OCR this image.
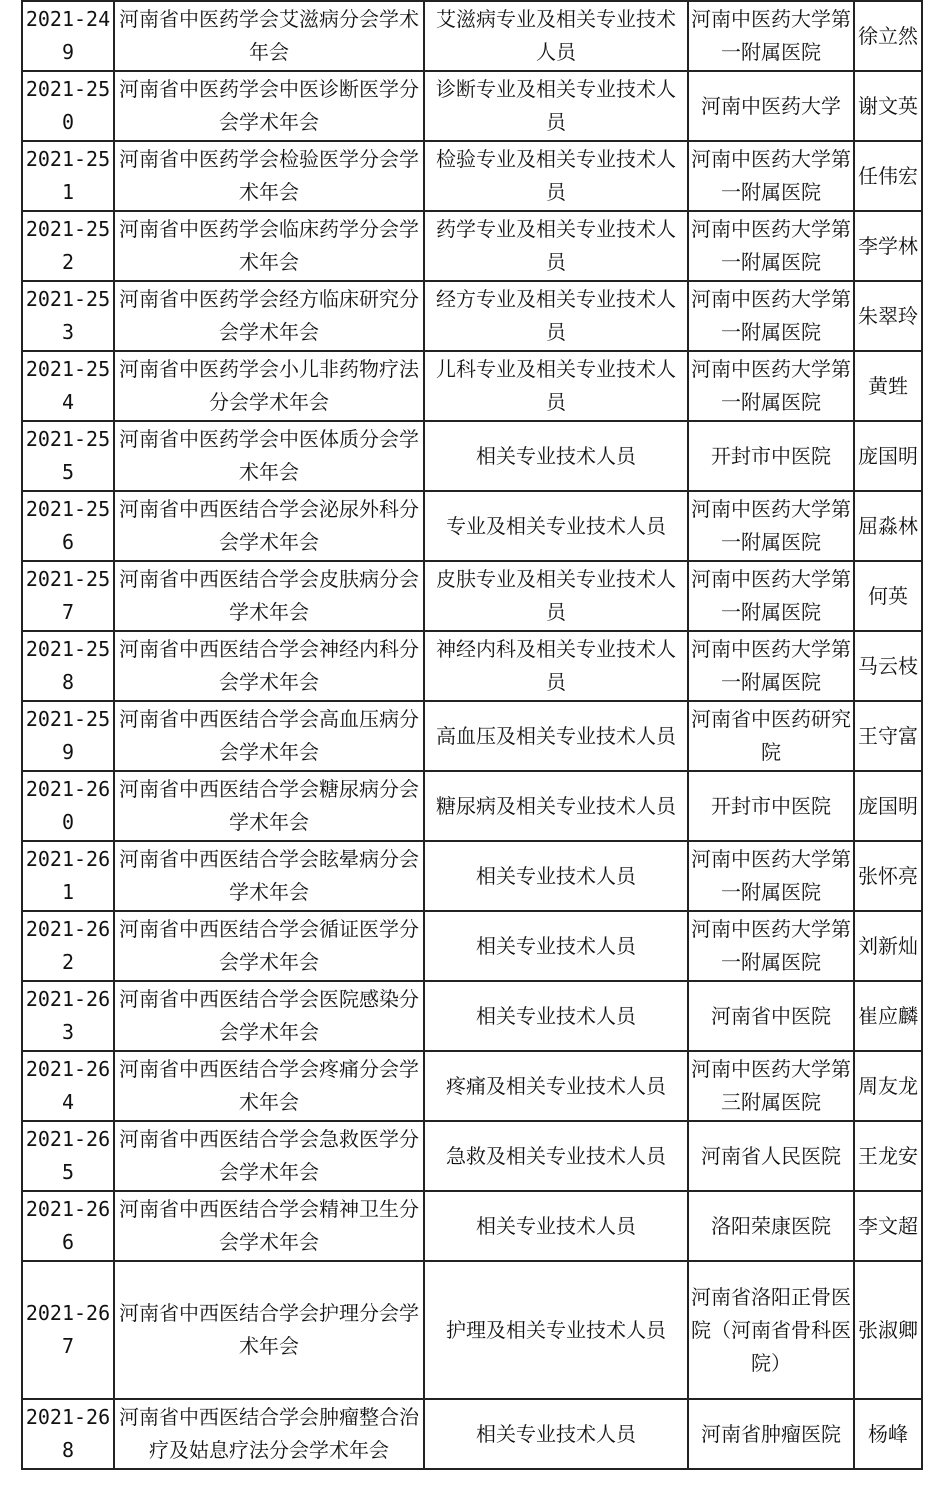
2021-249	河南省中医药学会艾滋病分会学术年会	艾滋病专业及相关专业技术人员	河南中医药大学第一附属医院	徐立然
2021-250	河南省中医药学会中医诊断医学分会学术年会	诊断专业及相关专业技术人员	河南中医药大学	谢文英
2021-251	河南省中医药学会检验医学分会学术年会	检验专业及相关专业技术人员	河南中医药大学第一附属医院	任伟宏
2021-252	河南省中医药学会临床药学分会学术年会	药学专业及相关专业技术人员	河南中医药大学第一附属医院	李学林
2021-253	河南省中医药学会经方临床研究分会学术年会	经方专业及相关专业技术人员	河南中医药大学第一附属医院	朱翠玲
2021-254	河南省中医药学会小儿非药物疗法分会学术年会	儿科专业及相关专业技术人员	河南中医药大学第一附属医院	黄甡
2021-255	河南省中医药学会中医体质分会学术年会	相关专业技术人员	开封市中医院	庞国明
2021-256	河南省中西医结合学会泌尿外科分会学术年会	专业及相关专业技术人员	河南中医药大学第一附属医院	屈淼林
2021-257	河南省中西医结合学会皮肤病分会学术年会	皮肤专业及相关专业技术人员	河南中医药大学第一附属医院	何英
2021-258	河南省中西医结合学会神经内科分会学术年会	神经内科及相关专业技术人员	河南中医药大学第一附属医院	马云枝
2021-259	河南省中西医结合学会高血压病分会学术年会	高血压及相关专业技术人员	河南省中医药研究院	王守富
2021-260	河南省中西医结合学会糖尿病分会学术年会	糖尿病及相关专业技术人员	开封市中医院	庞国明
2021-261	河南省中西医结合学会眩晕病分会学术年会	相关专业技术人员	河南中医药大学第一附属医院	张怀亮
2021-262	河南省中西医结合学会循证医学分会学术年会	相关专业技术人员	河南中医药大学第一附属医院	刘新灿
2021-263	河南省中西医结合学会医院感染分会学术年会	相关专业技术人员	河南省中医院	崔应麟
2021-264	河南省中西医结合学会疼痛分会学术年会	疼痛及相关专业技术人员	河南中医药大学第三附属医院	周友龙
2021-265	河南省中西医结合学会急救医学分会学术年会	急救及相关专业技术人员	河南省人民医院	王龙安
2021-266	河南省中西医结合学会精神卫生分会学术年会	相关专业技术人员	洛阳荣康医院	李文超
2021-267	河南省中西医结合学会护理分会学术年会	护理及相关专业技术人员	河南省洛阳正骨医院（河南省骨科医院）	张淑卿
2021-268	河南省中西医结合学会肿瘤整合治疗及姑息疗法分会学术年会	相关专业技术人员	河南省肿瘤医院	杨峰
